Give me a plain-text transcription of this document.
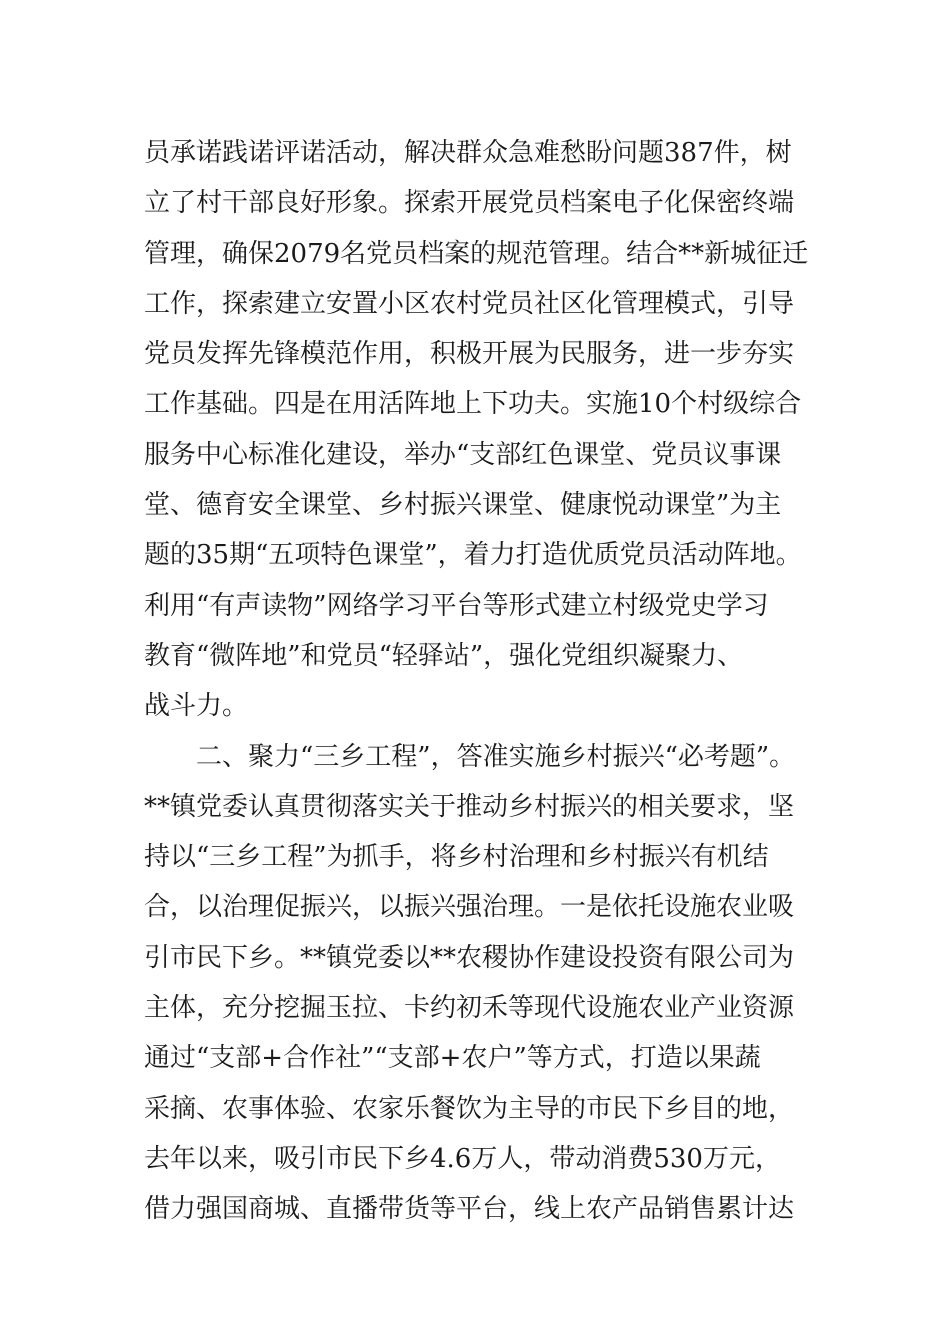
员承诺践诺评诺活动，解决群众急难愁盼问题387件，树
立了村干部良好形象。探索开展党员档案电子化保密终端
管理，确保2079名党员档案的规范管理。结合**新城征迁
工作，探索建立安置小区农村党员社区化管理模式，引导
党员发挥先锋模范作用，积极开展为民服务，进一步夯实
工作基础。四是在用活阵地上下功夫。实施10个村级综合
服务中心标准化建设，举办“支部红色课堂、党员议事课
堂、德育安全课堂、乡村振兴课堂、健康悦动课堂”为主
题的35期“五项特色课堂”，着力打造优质党员活动阵地。
利用“有声读物”网络学习平台等形式建立村级党史学习
教育“微阵地”和党员“轻驿站”，强化党组织凝聚力、
战斗力。
二、聚力“三乡工程”，答准实施乡村振兴“必考题”。
**镇党委认真贯彻落实关于推动乡村振兴的相关要求，坚
持以“三乡工程”为抓手，将乡村治理和乡村振兴有机结
合，以治理促振兴，以振兴强治理。一是依托设施农业吸
引市民下乡。**镇党委以**农稷协作建设投资有限公司为
主体，充分挖掘玉拉、卡约初禾等现代设施农业产业资源
通过“支部+合作社”“支部+农户”等方式，打造以果蔬
采摘、农事体验、农家乐餐饮为主导的市民下乡目的地，
去年以来，吸引市民下乡4.6万人，带动消费530万元，
借力强国商城、直播带货等平台，线上农产品销售累计达
